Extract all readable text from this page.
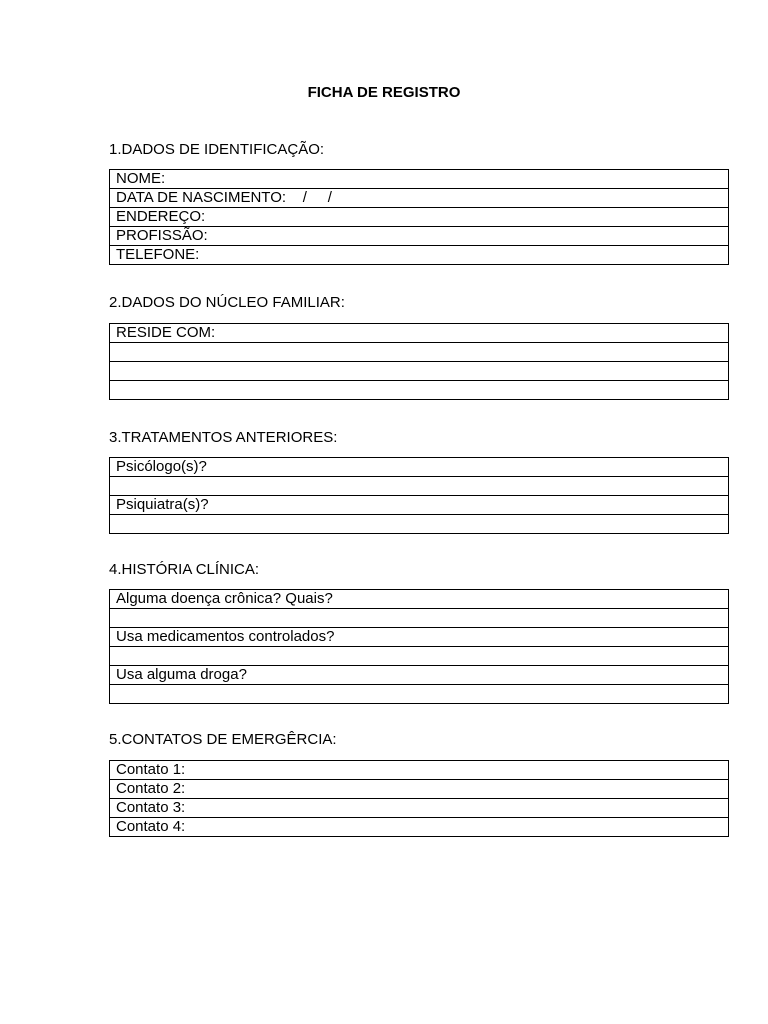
FICHA DE REGISTRO
1.DADOS DE IDENTIFICAÇÃO:
NOME:
DATA DE NASCIMENTO:    /     /
ENDEREÇO:
PROFISSÃO:
TELEFONE:
2.DADOS DO NÚCLEO FAMILIAR:
RESIDE COM:
3.TRATAMENTOS ANTERIORES:
Psicólogo(s)?
Psiquiatra(s)?
4.HISTÓRIA CLÍNICA:
Alguma doença crônica? Quais?
Usa medicamentos controlados?
Usa alguma droga?
5.CONTATOS DE EMERGÊRCIA:
Contato 1:
Contato 2:
Contato 3:
Contato 4:
